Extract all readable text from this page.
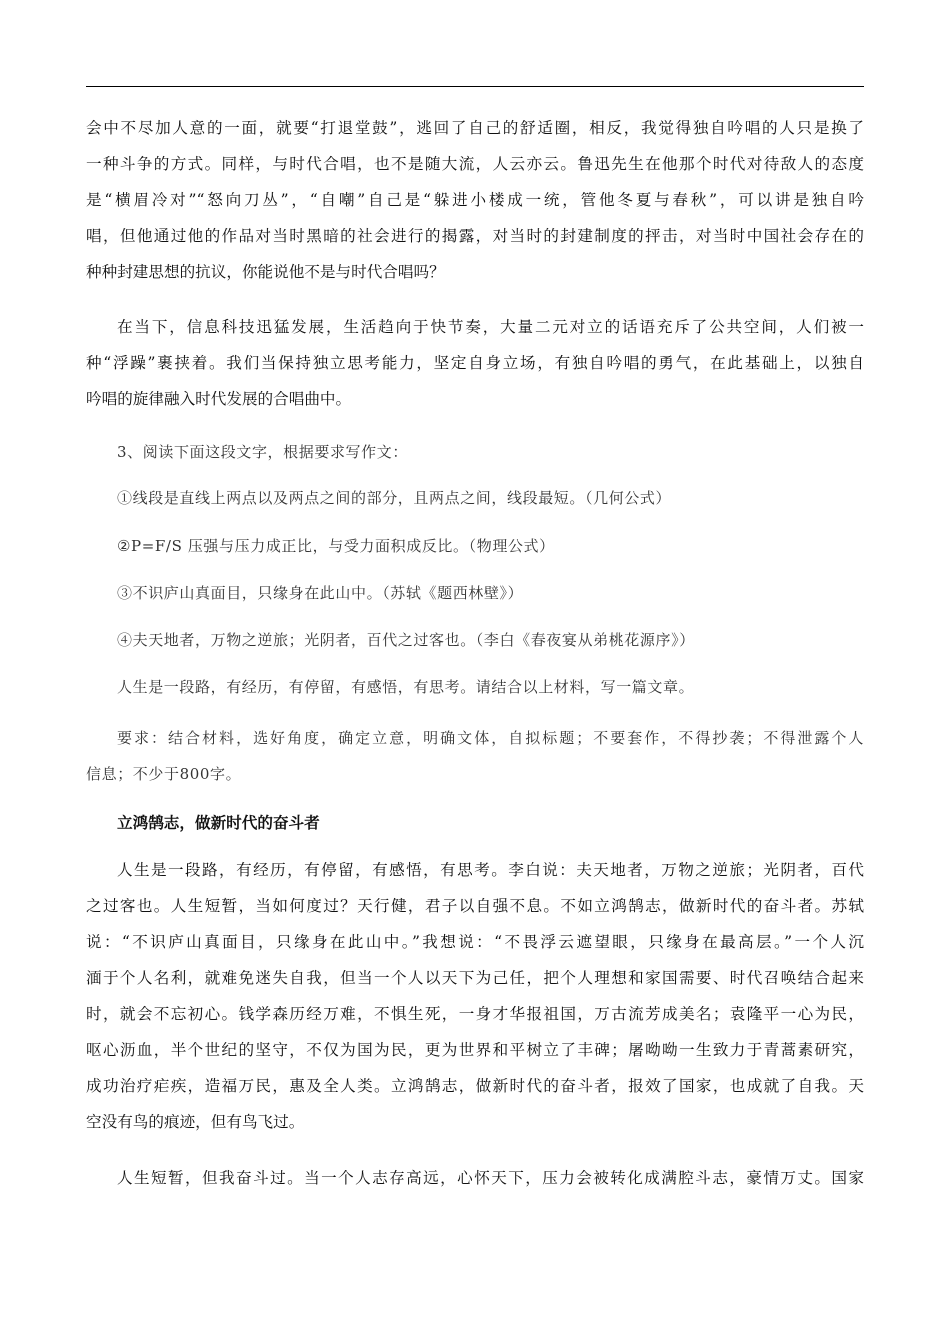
会中不尽加人意的一面，就要“打退堂鼓”，逃回了自己的舒适圈，相反，我觉得独自吟唱的人只是换了
一种斗争的方式。同样，与时代合唱，也不是随大流，人云亦云。鲁迅先生在他那个时代对待敌人的态度
是“横眉冷对”“怒向刀丛”，“自嘲”自己是“躲进小楼成一统，管他冬夏与春秋”，可以讲是独自吟
唱，但他通过他的作品对当时黑暗的社会进行的揭露，对当时的封建制度的抨击，对当时中国社会存在的
种种封建思想的抗议，你能说他不是与时代合唱吗？
在当下，信息科技迅猛发展，生活趋向于快节奏，大量二元对立的话语充斥了公共空间，人们被一
种“浮躁”裹挟着。我们当保持独立思考能力，坚定自身立场，有独自吟唱的勇气，在此基础上，以独自
吟唱的旋律融入时代发展的合唱曲中。
3、阅读下面这段文字，根据要求写作文：
①线段是直线上两点以及两点之间的部分，且两点之间，线段最短。（几何公式）
②P=F/S 压强与压力成正比，与受力面积成反比。（物理公式）
③不识庐山真面目，只缘身在此山中。（苏轼《题西林壁》）
④夫天地者，万物之逆旅；光阴者，百代之过客也。（李白《春夜宴从弟桃花源序》）
人生是一段路，有经历，有停留，有感悟，有思考。请结合以上材料，写一篇文章。
要求：结合材料，选好角度，确定立意，明确文体，自拟标题；不要套作，不得抄袭；不得泄露个人
信息；不少于800字。
立鸿鹄志，做新时代的奋斗者
人生是一段路，有经历，有停留，有感悟，有思考。李白说：夫天地者，万物之逆旅；光阴者，百代
之过客也。人生短暂，当如何度过？天行健，君子以自强不息。不如立鸿鹄志，做新时代的奋斗者。苏轼
说：“不识庐山真面目，只缘身在此山中。”我想说：“不畏浮云遮望眼，只缘身在最高层。”一个人沉
湎于个人名利，就难免迷失自我，但当一个人以天下为己任，把个人理想和家国需要、时代召唤结合起来
时，就会不忘初心。钱学森历经万难，不惧生死，一身才华报祖国，万古流芳成美名；袁隆平一心为民，
呕心沥血，半个世纪的坚守，不仅为国为民，更为世界和平树立了丰碑；屠呦呦一生致力于青蒿素研究，
成功治疗疟疾，造福万民，惠及全人类。立鸿鹄志，做新时代的奋斗者，报效了国家，也成就了自我。天
空没有鸟的痕迹，但有鸟飞过。
人生短暂，但我奋斗过。当一个人志存高远，心怀天下，压力会被转化成满腔斗志，豪情万丈。国家
